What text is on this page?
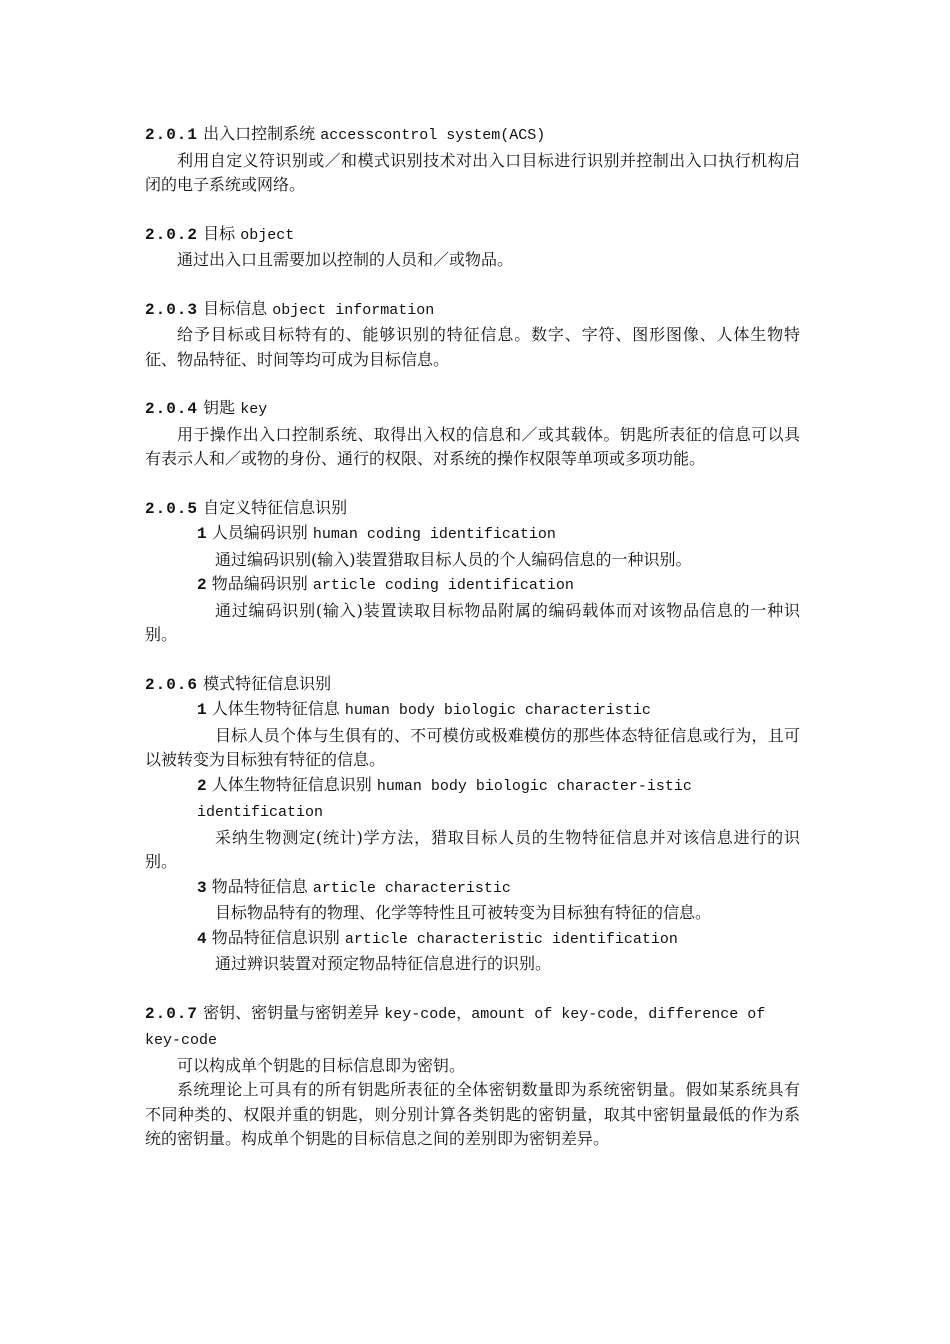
2.0.1 出入口控制系统 accesscontrol system(ACS)

利用自定义符识别或／和模式识别技术对出入口目标进行识别并控制出入口执行机构启闭的电子系统或网络。

2.0.2 目标 object

通过出入口且需要加以控制的人员和／或物品。

2.0.3 目标信息 object information

给予目标或目标特有的、能够识别的特征信息。数字、字符、图形图像、人体生物特征、物品特征、时间等均可成为目标信息。

2.0.4 钥匙 key

用于操作出入口控制系统、取得出入权的信息和／或其载体。钥匙所表征的信息可以具有表示人和／或物的身份、通行的权限、对系统的操作权限等单项或多项功能。

2.0.5 自定义特征信息识别
1 人员编码识别 human coding identification

通过编码识别(输入)装置猎取目标人员的个人编码信息的一种识别。

2 物品编码识别 article coding identification

通过编码识别(输入)装置读取目标物品附属的编码载体而对该物品信息的一种识别。

2.0.6 模式特征信息识别
1 人体生物特征信息 human body biologic characteristic

目标人员个体与生俱有的、不可模仿或极难模仿的那些体态特征信息或行为，且可以被转变为目标独有特征的信息。

2 人体生物特征信息识别 human body biologic character-istic identification

采纳生物测定(统计)学方法，猎取目标人员的生物特征信息并对该信息进行的识别。

3 物品特征信息 article characteristic

目标物品特有的物理、化学等特性且可被转变为目标独有特征的信息。

4 物品特征信息识别 article characteristic identification

通过辨识装置对预定物品特征信息进行的识别。

2.0.7 密钥、密钥量与密钥差异 key-code，amount of key-code，difference of key-code

可以构成单个钥匙的目标信息即为密钥。

系统理论上可具有的所有钥匙所表征的全体密钥数量即为系统密钥量。假如某系统具有不同种类的、权限并重的钥匙，则分别计算各类钥匙的密钥量，取其中密钥量最低的作为系统的密钥量。构成单个钥匙的目标信息之间的差别即为密钥差异。
